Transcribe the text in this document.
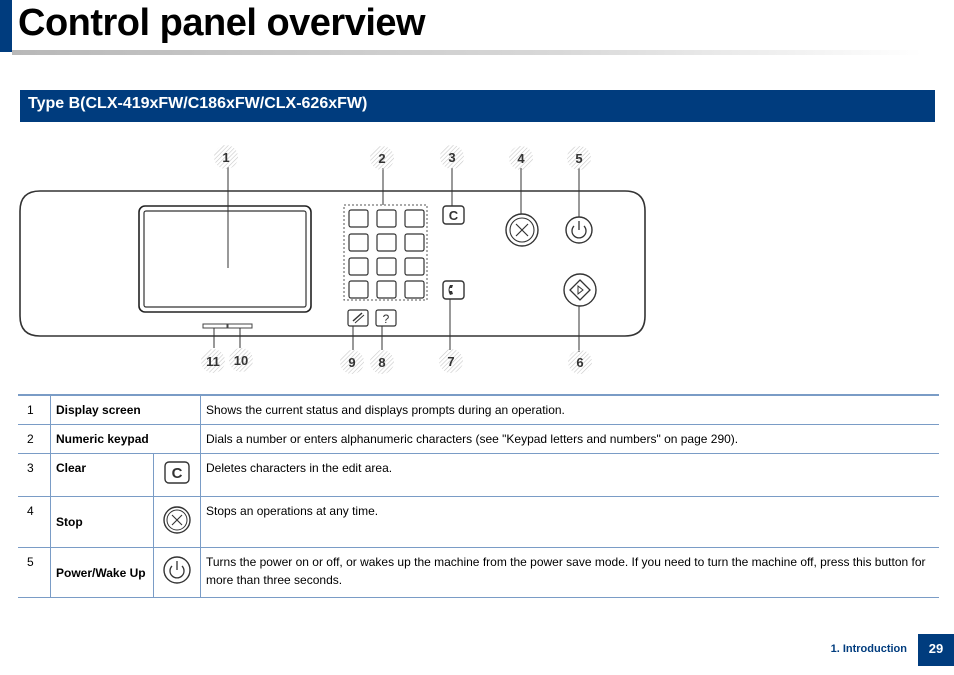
Control panel overview
Type B(CLX-419xFW/C186xFW/CLX-626xFW)
?
C
1	2	3	4	5
6
7
8
9
10
11
1	Display screen		Shows the current status and displays prompts during an operation.
2	Numeric keypad		Dials a number or enters alphanumeric characters (see "Keypad letters and numbers" on page 290).
3	Clear	C	Deletes characters in the edit area.
4	Stop		Stops an operations at any time.
5	Power/Wake Up		Turns the power on or off, or wakes up the machine from the power save mode. If you need to turn the machine off, press this button for more than three seconds.
1. Introduction	29
